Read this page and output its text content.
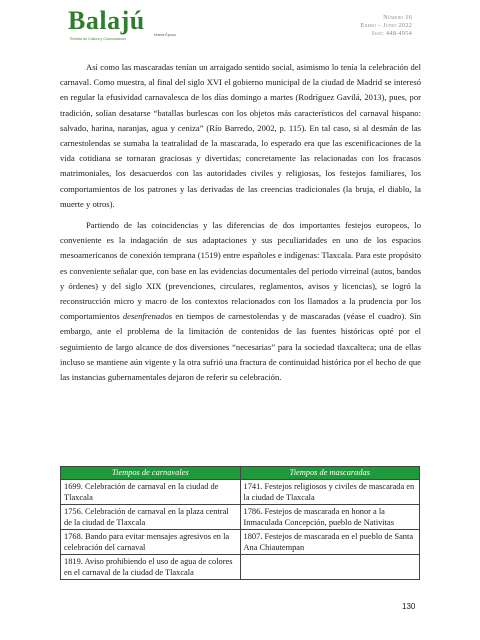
Balajú
Revista de Cultura y Comunicación
Nueva Época
Número 16
Enero – Junio 2022
Issn: 448-4954

Así como las mascaradas tenían un arraigado sentido social, asimismo lo tenía la celebración del carnaval. Como muestra, al final del siglo XVI el gobierno municipal de la ciudad de Madrid se interesó en regular la efusividad carnavalesca de los días domingo a martes (Rodríguez Gavilá, 2013), pues, por tradición, solían desatarse “batallas burlescas con los objetos más característicos del carnaval hispano: salvado, harina, naranjas, agua y ceniza” (Río Barredo, 2002, p. 115). En tal caso, si al desmán de las carnestolendas se sumaba la teatralidad de la mascarada, lo esperado era que las escenificaciones de la vida cotidiana se tornaran graciosas y divertidas; concretamente las relacionadas con los fracasos matrimoniales, los desacuerdos con las autoridades civiles y religiosas, los festejos familiares, los comportamientos de los patrones y las derivadas de las creencias tradicionales (la bruja, el diablo, la muerte y otros).

Partiendo de las coincidencias y las diferencias de dos importantes festejos europeos, lo conveniente es la indagación de sus adaptaciones y sus peculiaridades en uno de los espacios mesoamericanos de conexión temprana (1519) entre españoles e indígenas: Tlaxcala. Para este propósito es conveniente señalar que, con base en las evidencias documentales del periodo virreinal (autos, bandos y órdenes) y del siglo XIX (prevenciones, circulares, reglamentos, avisos y licencias), se logró la reconstrucción micro y macro de los contextos relacionados con los llamados a la prudencia por los comportamientos desenfrenados en tiempos de carnestolendas y de mascaradas (véase el cuadro). Sin embargo, ante el problema de la limitación de contenidos de las fuentes históricas opté por el seguimiento de largo alcance de dos diversiones “necesarias” para la sociedad tlaxcalteca; una de ellas incluso se mantiene aún vigente y la otra sufrió una fractura de continuidad histórica por el hecho de que las instancias gubernamentales dejaron de referir su celebración.

Tiempos de carnavales	Tiempos de mascaradas
1699. Celebración de carnaval en la ciudad de Tlaxcala	1741. Festejos religiosos y civiles de mascarada en la ciudad de Tlaxcala
1756. Celebración de carnaval en la plaza central de la ciudad de Tlaxcala	1786. Festejos de mascarada en honor a la Inmaculada Concepción, pueblo de Nativitas
1768. Bando para evitar mensajes agresivos en la celebración del carnaval	1807. Festejos de mascarada en el pueblo de Santa Ana Chiautempan
1819. Aviso prohibiendo el uso de agua de colores en el carnaval de la ciudad de Tlaxcala	
130
